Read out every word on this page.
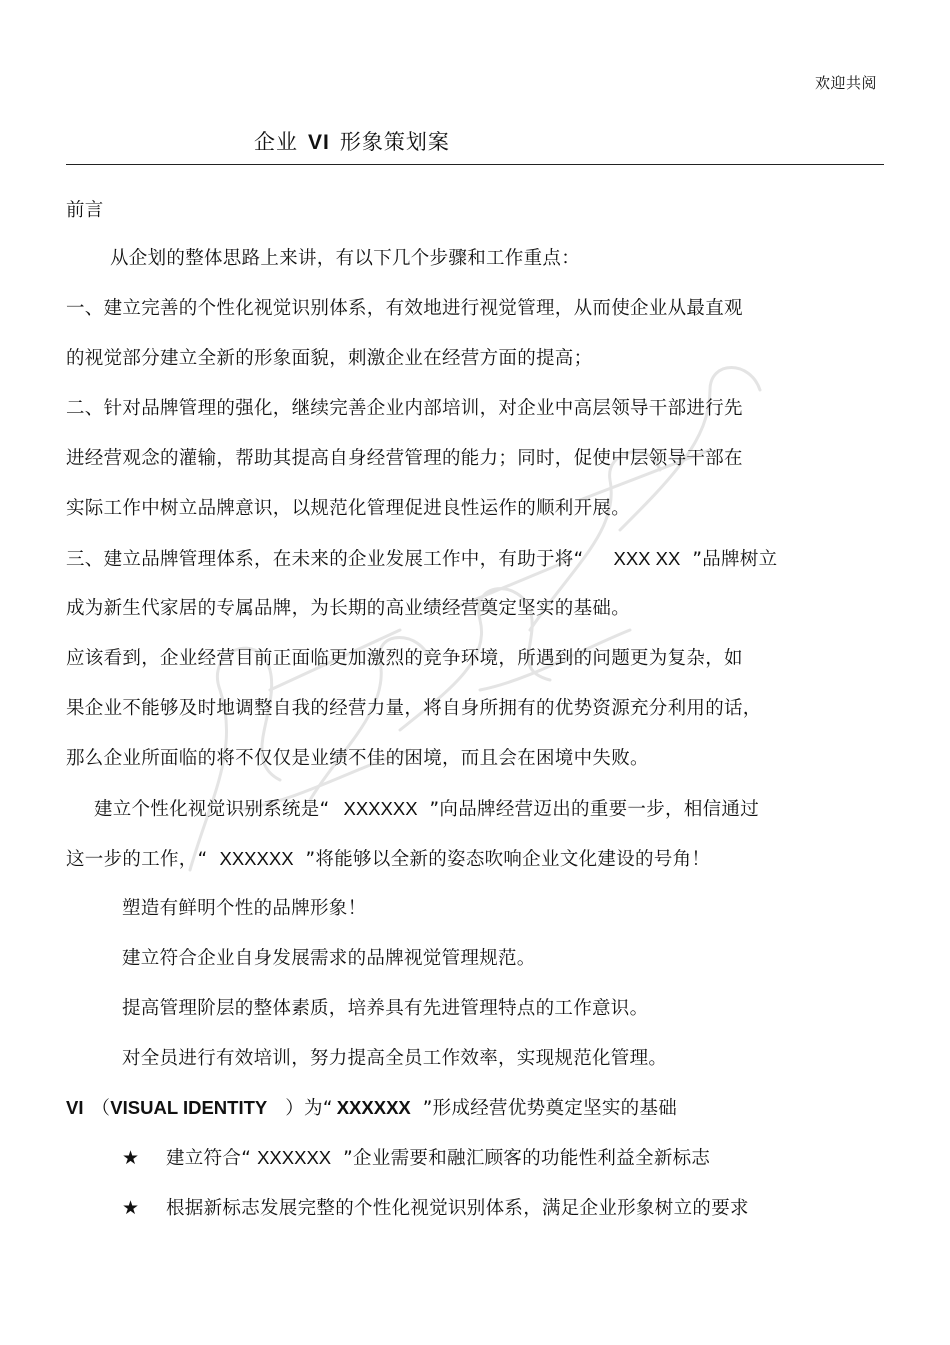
欢迎共阅
企业 VI 形象策划案
前言
从企划的整体思路上来讲，有以下几个步骤和工作重点：
一、建立完善的个性化视觉识别体系，有效地进行视觉管理，从而使企业从最直观
的视觉部分建立全新的形象面貌，刺激企业在经营方面的提高；
二、针对品牌管理的强化，继续完善企业内部培训，对企业中高层领导干部进行先
进经营观念的灌输，帮助其提高自身经营管理的能力；同时，促使中层领导干部在
实际工作中树立品牌意识，以规范化管理促进良性运作的顺利开展。
三、建立品牌管理体系，在未来的企业发展工作中，有助于将“ XXX XX ”品牌树立
成为新生代家居的专属品牌，为长期的高业绩经营奠定坚实的基础。
应该看到，企业经营目前正面临更加激烈的竞争环境，所遇到的问题更为复杂，如
果企业不能够及时地调整自我的经营力量，将自身所拥有的优势资源充分利用的话，
那么企业所面临的将不仅仅是业绩不佳的困境，而且会在困境中失败。
建立个性化视觉识别系统是“ XXXXXX ”向品牌经营迈出的重要一步，相信通过
这一步的工作，“ XXXXXX ”将能够以全新的姿态吹响企业文化建设的号角！
塑造有鲜明个性的品牌形象！
建立符合企业自身发展需求的品牌视觉管理规范。
提高管理阶层的整体素质，培养具有先进管理特点的工作意识。
对全员进行有效培训，努力提高全员工作效率，实现规范化管理。
VI （VISUAL IDENTITY ）为“ XXXXXX ”形成经营优势奠定坚实的基础
★ 建立符合“ XXXXXX ”企业需要和融汇顾客的功能性利益全新标志
★ 根据新标志发展完整的个性化视觉识别体系，满足企业形象树立的要求
